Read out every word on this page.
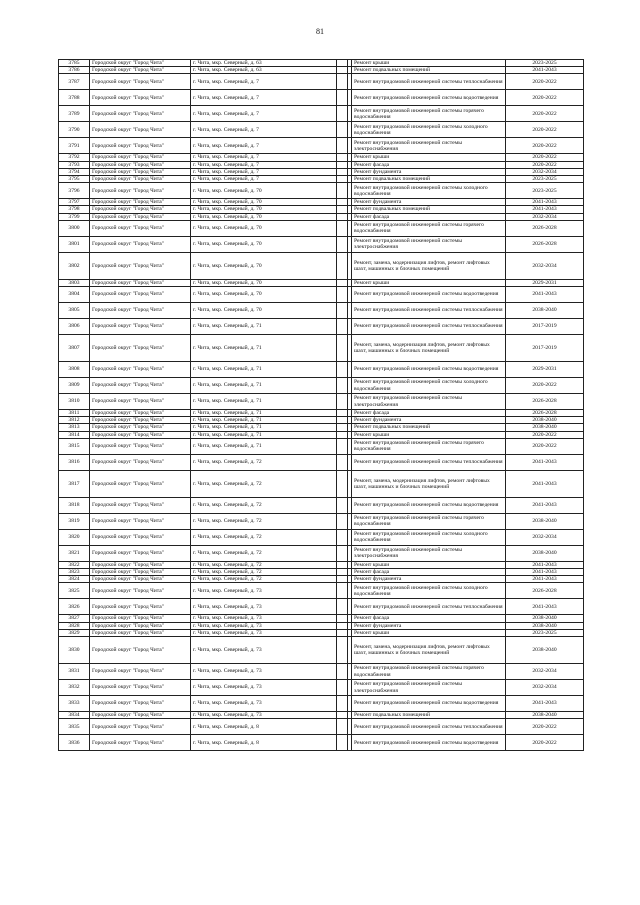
81
3785	Городской округ "Город Чита"	г. Чита, мкр. Северный, д. 63			Ремонт крыши	2023-2025
3786	Городской округ "Город Чита"	г. Чита, мкр. Северный, д. 63			Ремонт подвальных помещений	2041-2043
3787	Городской округ "Город Чита"	г. Чита, мкр. Северный, д. 7			Ремонт внутридомовой инженерной системы теплоснабжения	2020-2022
3788	Городской округ "Город Чита"	г. Чита, мкр. Северный, д. 7			Ремонт внутридомовой инженерной системы водоотведения	2020-2022
3789	Городской округ "Город Чита"	г. Чита, мкр. Северный, д. 7			Ремонт внутридомовой инженерной системы горячего водоснабжения	2020-2022
3790	Городской округ "Город Чита"	г. Чита, мкр. Северный, д. 7			Ремонт внутридомовой инженерной системы холодного водоснабжения	2020-2022
3791	Городской округ "Город Чита"	г. Чита, мкр. Северный, д. 7			Ремонт внутридомовой инженерной системы электроснабжения	2020-2022
3792	Городской округ "Город Чита"	г. Чита, мкр. Северный, д. 7			Ремонт крыши	2020-2022
3793	Городской округ "Город Чита"	г. Чита, мкр. Северный, д. 7			Ремонт фасада	2020-2022
3794	Городской округ "Город Чита"	г. Чита, мкр. Северный, д. 7			Ремонт фундамента	2032-2034
3795	Городской округ "Город Чита"	г. Чита, мкр. Северный, д. 7			Ремонт подвальных помещений	2023-2025
3796	Городской округ "Город Чита"	г. Чита, мкр. Северный, д. 70			Ремонт внутридомовой инженерной системы холодного водоснабжения	2023-2025
3797	Городской округ "Город Чита"	г. Чита, мкр. Северный, д. 70			Ремонт фундамента	2041-2043
3798	Городской округ "Город Чита"	г. Чита, мкр. Северный, д. 70			Ремонт подвальных помещений	2041-2043
3799	Городской округ "Город Чита"	г. Чита, мкр. Северный, д. 70			Ремонт фасада	2032-2034
3800	Городской округ "Город Чита"	г. Чита, мкр. Северный, д. 70			Ремонт внутридомовой инженерной системы горячего водоснабжения	2026-2028
3801	Городской округ "Город Чита"	г. Чита, мкр. Северный, д. 70			Ремонт внутридомовой инженерной системы электроснабжения	2026-2028
3802	Городской округ "Город Чита"	г. Чита, мкр. Северный, д. 70			Ремонт, замена, модернизация лифтов, ремонт лифтовых шахт, машинных и блочных помещений	2032-2034
3803	Городской округ "Город Чита"	г. Чита, мкр. Северный, д. 70			Ремонт крыши	2029-2031
3804	Городской округ "Город Чита"	г. Чита, мкр. Северный, д. 70			Ремонт внутридомовой инженерной системы водоотведения	2041-2043
3805	Городской округ "Город Чита"	г. Чита, мкр. Северный, д. 70			Ремонт внутридомовой инженерной системы теплоснабжения	2038-2040
3806	Городской округ "Город Чита"	г. Чита, мкр. Северный, д. 71			Ремонт внутридомовой инженерной системы теплоснабжения	2017-2019
3807	Городской округ "Город Чита"	г. Чита, мкр. Северный, д. 71			Ремонт, замена, модернизация лифтов, ремонт лифтовых шахт, машинных и блочных помещений	2017-2019
3808	Городской округ "Город Чита"	г. Чита, мкр. Северный, д. 71			Ремонт внутридомовой инженерной системы водоотведения	2029-2031
3809	Городской округ "Город Чита"	г. Чита, мкр. Северный, д. 71			Ремонт внутридомовой инженерной системы холодного водоснабжения	2020-2022
3810	Городской округ "Город Чита"	г. Чита, мкр. Северный, д. 71			Ремонт внутридомовой инженерной системы электроснабжения	2026-2028
3811	Городской округ "Город Чита"	г. Чита, мкр. Северный, д. 71			Ремонт фасада	2026-2028
3812	Городской округ "Город Чита"	г. Чита, мкр. Северный, д. 71			Ремонт фундамента	2038-2040
3813	Городской округ "Город Чита"	г. Чита, мкр. Северный, д. 71			Ремонт подвальных помещений	2038-2040
3814	Городской округ "Город Чита"	г. Чита, мкр. Северный, д. 71			Ремонт крыши	2020-2022
3815	Городской округ "Город Чита"	г. Чита, мкр. Северный, д. 71			Ремонт внутридомовой инженерной системы горячего водоснабжения	2020-2022
3816	Городской округ "Город Чита"	г. Чита, мкр. Северный, д. 72			Ремонт внутридомовой инженерной системы теплоснабжения	2041-2043
3817	Городской округ "Город Чита"	г. Чита, мкр. Северный, д. 72			Ремонт, замена, модернизация лифтов, ремонт лифтовых шахт, машинных и блочных помещений	2041-2043
3818	Городской округ "Город Чита"	г. Чита, мкр. Северный, д. 72			Ремонт внутридомовой инженерной системы водоотведения	2041-2043
3819	Городской округ "Город Чита"	г. Чита, мкр. Северный, д. 72			Ремонт внутридомовой инженерной системы горячего водоснабжения	2038-2040
3820	Городской округ "Город Чита"	г. Чита, мкр. Северный, д. 72			Ремонт внутридомовой инженерной системы холодного водоснабжения	2032-2034
3821	Городской округ "Город Чита"	г. Чита, мкр. Северный, д. 72			Ремонт внутридомовой инженерной системы электроснабжения	2038-2040
3822	Городской округ "Город Чита"	г. Чита, мкр. Северный, д. 72			Ремонт крыши	2041-2043
3823	Городской округ "Город Чита"	г. Чита, мкр. Северный, д. 72			Ремонт фасада	2041-2043
3824	Городской округ "Город Чита"	г. Чита, мкр. Северный, д. 72			Ремонт фундамента	2041-2043
3825	Городской округ "Город Чита"	г. Чита, мкр. Северный, д. 73			Ремонт внутридомовой инженерной системы холодного водоснабжения	2026-2028
3826	Городской округ "Город Чита"	г. Чита, мкр. Северный, д. 73			Ремонт внутридомовой инженерной системы теплоснабжения	2041-2043
3827	Городской округ "Город Чита"	г. Чита, мкр. Северный, д. 73			Ремонт фасада	2038-2040
3828	Городской округ "Город Чита"	г. Чита, мкр. Северный, д. 73			Ремонт фундамента	2038-2040
3829	Городской округ "Город Чита"	г. Чита, мкр. Северный, д. 73			Ремонт крыши	2023-2025
3830	Городской округ "Город Чита"	г. Чита, мкр. Северный, д. 73			Ремонт, замена, модернизация лифтов, ремонт лифтовых шахт, машинных и блочных помещений	2038-2040
3831	Городской округ "Город Чита"	г. Чита, мкр. Северный, д. 73			Ремонт внутридомовой инженерной системы горячего водоснабжения	2032-2034
3832	Городской округ "Город Чита"	г. Чита, мкр. Северный, д. 73			Ремонт внутридомовой инженерной системы электроснабжения	2032-2034
3833	Городской округ "Город Чита"	г. Чита, мкр. Северный, д. 73			Ремонт внутридомовой инженерной системы водоотведения	2041-2043
3834	Городской округ "Город Чита"	г. Чита, мкр. Северный, д. 73			Ремонт подвальных помещений	2038-2040
3835	Городской округ "Город Чита"	г. Чита, мкр. Северный, д. 8			Ремонт внутридомовой инженерной системы теплоснабжения	2020-2022
3836	Городской округ "Город Чита"	г. Чита, мкр. Северный, д. 8			Ремонт внутридомовой инженерной системы водоотведения	2020-2022
